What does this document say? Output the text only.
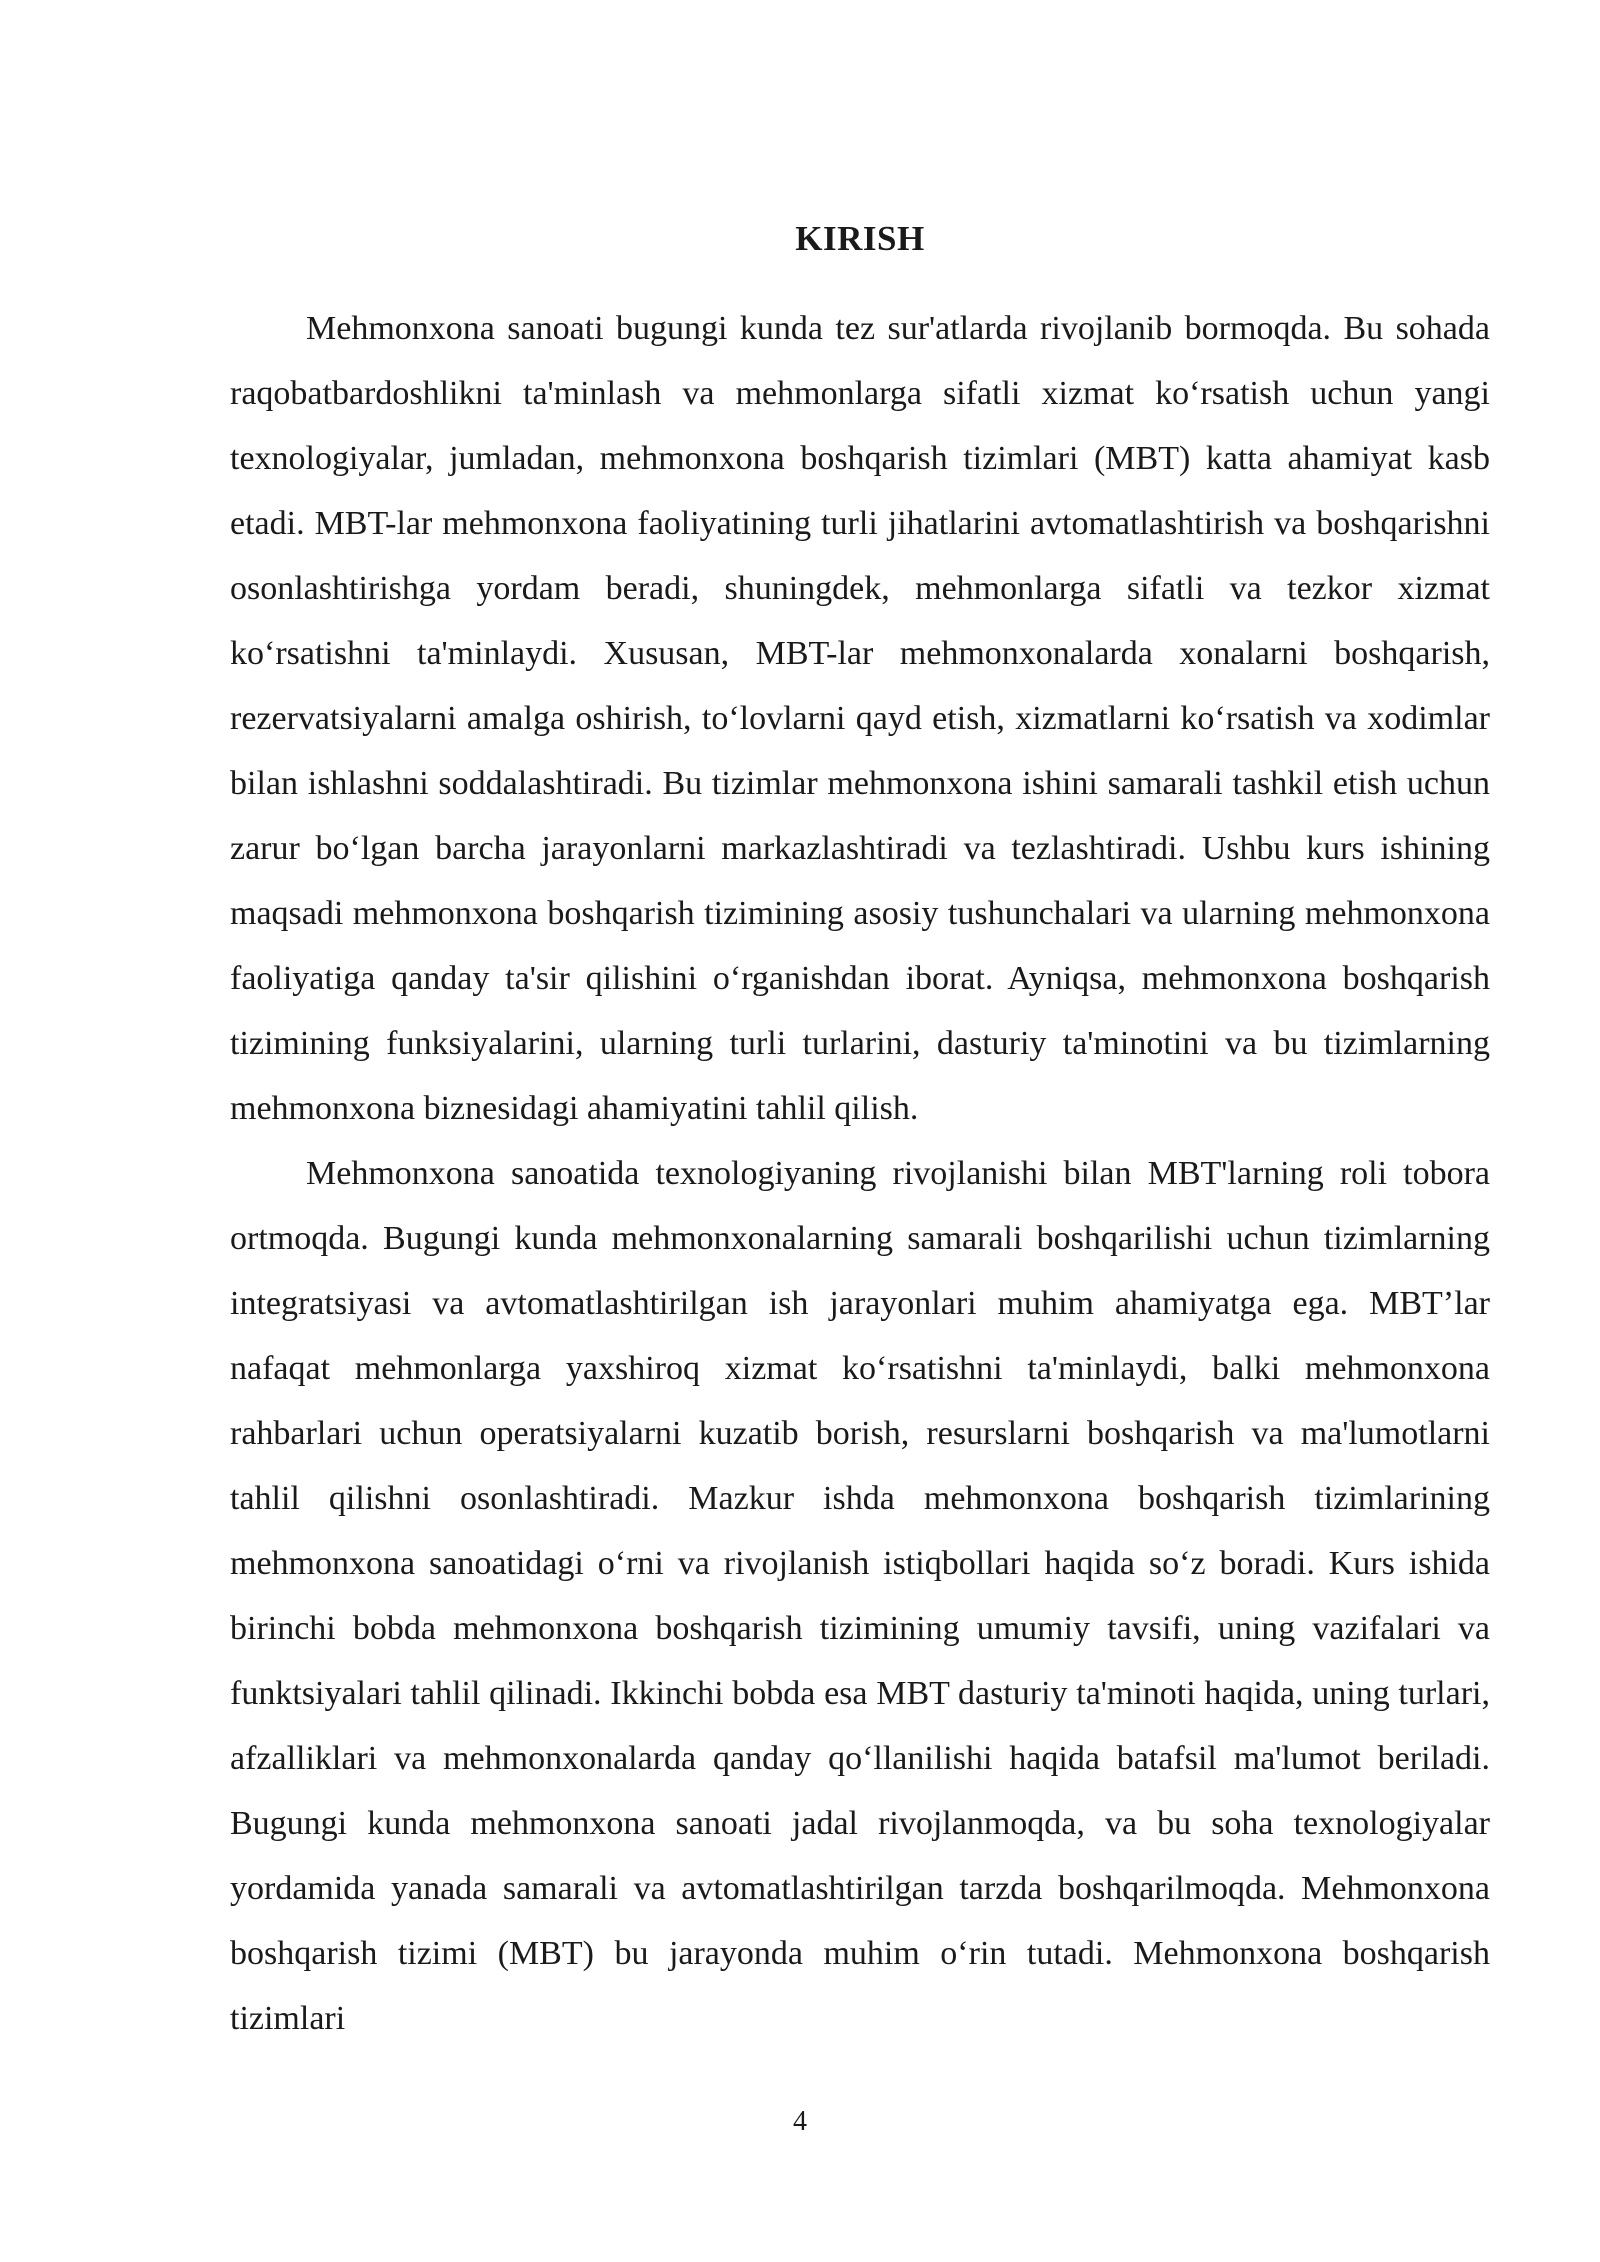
KIRISH

Mehmonxona sanoati bugungi kunda tez sur'atlarda rivojlanib bormoqda. Bu sohada raqobatbardoshlikni ta'minlash va mehmonlarga sifatli xizmat ko‘rsatish uchun yangi texnologiyalar, jumladan, mehmonxona boshqarish tizimlari (MBT) katta ahamiyat kasb etadi. MBT-lar mehmonxona faoliyatining turli jihatlarini avtomatlashtirish va boshqarishni osonlashtirishga yordam beradi, shuningdek, mehmonlarga sifatli va tezkor xizmat ko‘rsatishni ta'minlaydi. Xususan, MBT-lar mehmonxonalarda xonalarni boshqarish, rezervatsiyalarni amalga oshirish, to‘lovlarni qayd etish, xizmatlarni ko‘rsatish va xodimlar bilan ishlashni soddalashtiradi. Bu tizimlar mehmonxona ishini samarali tashkil etish uchun zarur bo‘lgan barcha jarayonlarni markazlashtiradi va tezlashtiradi. Ushbu kurs ishining maqsadi mehmonxona boshqarish tizimining asosiy tushunchalari va ularning mehmonxona faoliyatiga qanday ta'sir qilishini o‘rganishdan iborat. Ayniqsa, mehmonxona boshqarish tizimining funksiyalarini, ularning turli turlarini, dasturiy ta'minotini va bu tizimlarning mehmonxona biznesidagi ahamiyatini tahlil qilish.

Mehmonxona sanoatida texnologiyaning rivojlanishi bilan MBT'larning roli tobora ortmoqda. Bugungi kunda mehmonxonalarning samarali boshqarilishi uchun tizimlarning integratsiyasi va avtomatlashtirilgan ish jarayonlari muhim ahamiyatga ega. MBT’lar nafaqat mehmonlarga yaxshiroq xizmat ko‘rsatishni ta'minlaydi, balki mehmonxona rahbarlari uchun operatsiyalarni kuzatib borish, resurslarni boshqarish va ma'lumotlarni tahlil qilishni osonlashtiradi. Mazkur ishda mehmonxona boshqarish tizimlarining mehmonxona sanoatidagi o‘rni va rivojlanish istiqbollari haqida so‘z boradi. Kurs ishida birinchi bobda mehmonxona boshqarish tizimining umumiy tavsifi, uning vazifalari va funktsiyalari tahlil qilinadi. Ikkinchi bobda esa MBT dasturiy ta'minoti haqida, uning turlari, afzalliklari va mehmonxonalarda qanday qo‘llanilishi haqida batafsil ma'lumot beriladi. Bugungi kunda mehmonxona sanoati jadal rivojlanmoqda, va bu soha texnologiyalar yordamida yanada samarali va avtomatlashtirilgan tarzda boshqarilmoqda. Mehmonxona boshqarish tizimi (MBT) bu jarayonda muhim o‘rin tutadi. Mehmonxona boshqarish tizimlari

4
